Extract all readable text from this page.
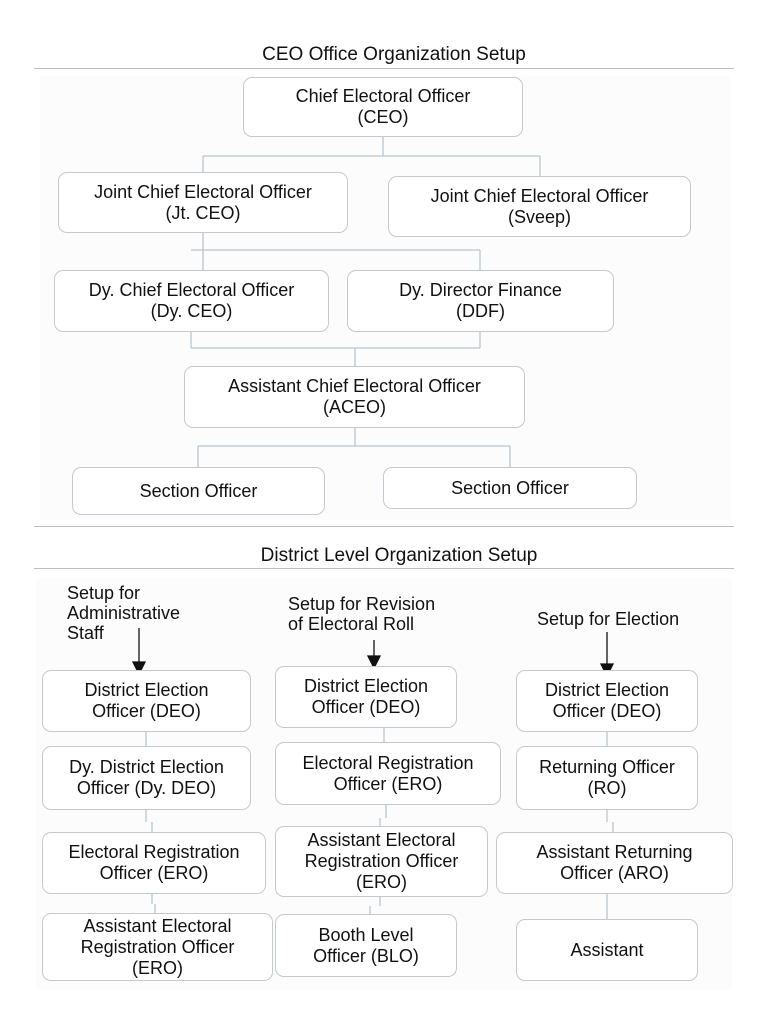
CEO Office Organization Setup
Chief Electoral Officer
(CEO)
Joint Chief Electoral Officer
(Jt. CEO)
Joint Chief Electoral Officer
(Sveep)
Dy. Chief Electoral Officer
(Dy. CEO)
Dy. Director Finance
(DDF)
Assistant Chief Electoral Officer
(ACEO)
Section Officer	Section Officer
District Level Organization Setup
Setup for
Administrative
Staff
Setup for Revision
of Electoral Roll	Setup for Election
District Election
Officer (DEO)
Dy. District Election
Officer (Dy. DEO)
Electoral Registration
Officer (ERO)
Assistant Electoral
Registration Officer
(ERO)
District Election
Officer (DEO)
Electoral Registration
Officer (ERO)
Assistant Electoral
Registration Officer
(ERO)
Booth Level
Officer (BLO)
District Election
Officer (DEO)
Returning Officer
(RO)
Assistant Returning
Officer (ARO)
Assistant
